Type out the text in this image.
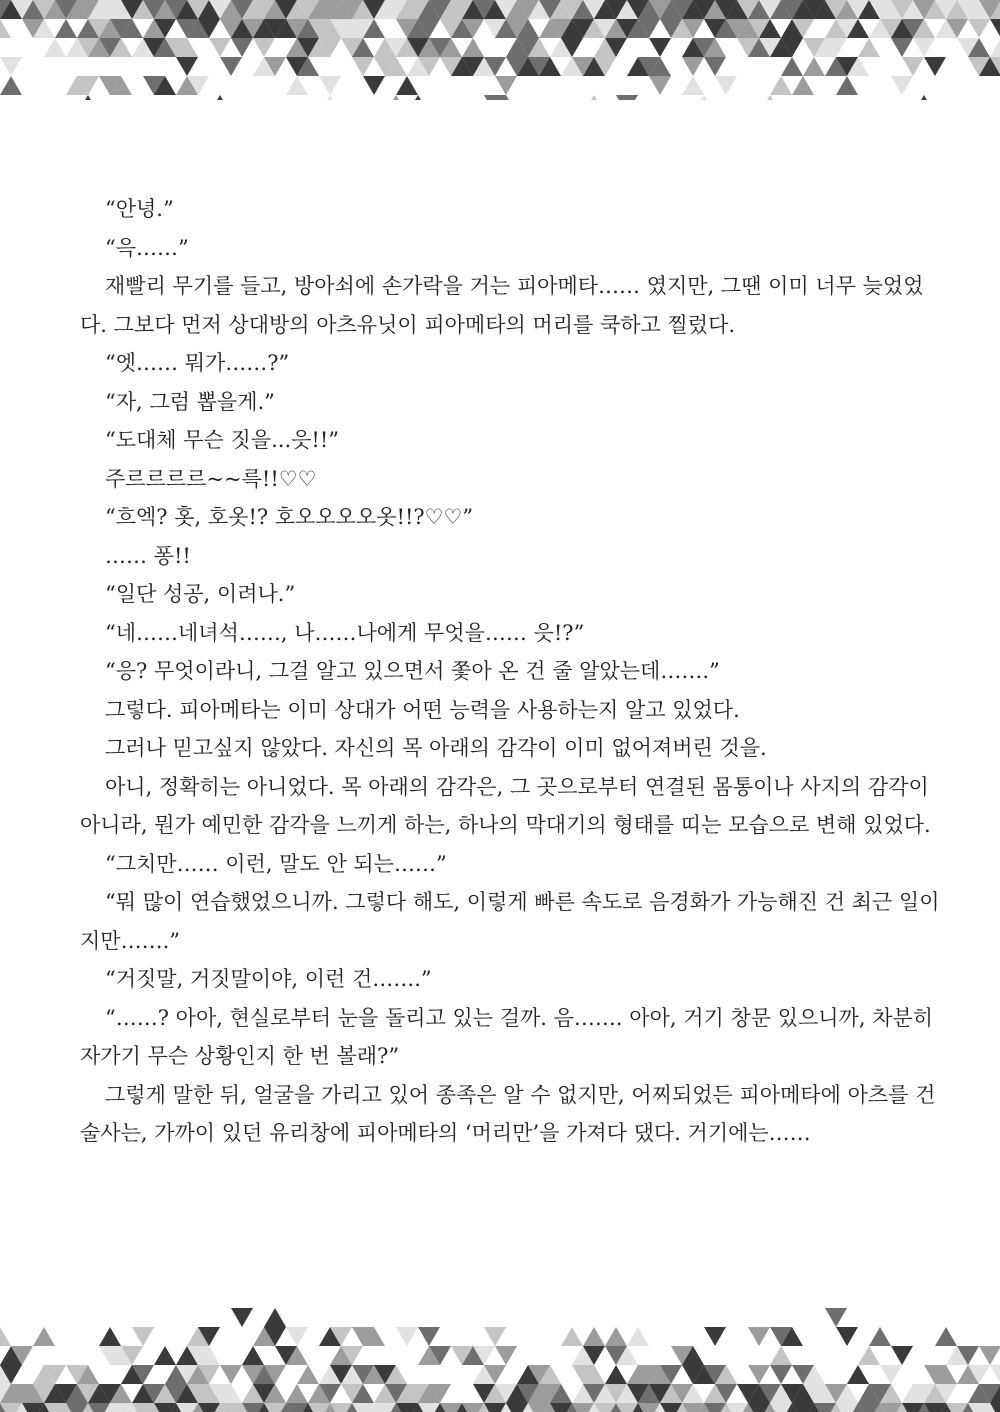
“안녕.”

“윽……”

재빨리 무기를 들고, 방아쇠에 손가락을 거는 피아메타…… 였지만, 그땐 이미 너무 늦었었다. 그보다 먼저 상대방의 아츠유닛이 피아메타의 머리를 쿡하고 찔렀다.

“엣…… 뭐가……?”

“자, 그럼 뽑을게.”

“도대체 무슨 짓을...읏!!”

주르르르르~~륵!!♡♡

“흐엑? 홋, 호옷!? 호오오오오옷!!?♡♡”

…… 퐁!!

“일단 성공, 이려나.”

“네……네녀석……, 나……나에게 무엇을…… 읏!?”

“응? 무엇이라니, 그걸 알고 있으면서 쫓아 온 건 줄 알았는데…….”

그렇다. 피아메타는 이미 상대가 어떤 능력을 사용하는지 알고 있었다.

그러나 믿고싶지 않았다. 자신의 목 아래의 감각이 이미 없어져버린 것을.

아니, 정확히는 아니었다. 목 아래의 감각은, 그 곳으로부터 연결된 몸통이나 사지의 감각이 아니라, 뭔가 예민한 감각을 느끼게 하는, 하나의 막대기의 형태를 띠는 모습으로 변해 있었다.

“그치만…… 이런, 말도 안 되는……”

“뭐 많이 연습했었으니까. 그렇다 해도, 이렇게 빠른 속도로 음경화가 가능해진 건 최근 일이지만…….”

“거짓말, 거짓말이야, 이런 건…….”

“……? 아아, 현실로부터 눈을 돌리고 있는 걸까. 음……. 아아, 거기 창문 있으니까, 차분히 자가기 무슨 상황인지 한 번 볼래?”

그렇게 말한 뒤, 얼굴을 가리고 있어 종족은 알 수 없지만, 어찌되었든 피아메타에 아츠를 건 술사는, 가까이 있던 유리창에 피아메타의 ‘머리만’을 가져다 댔다. 거기에는……
